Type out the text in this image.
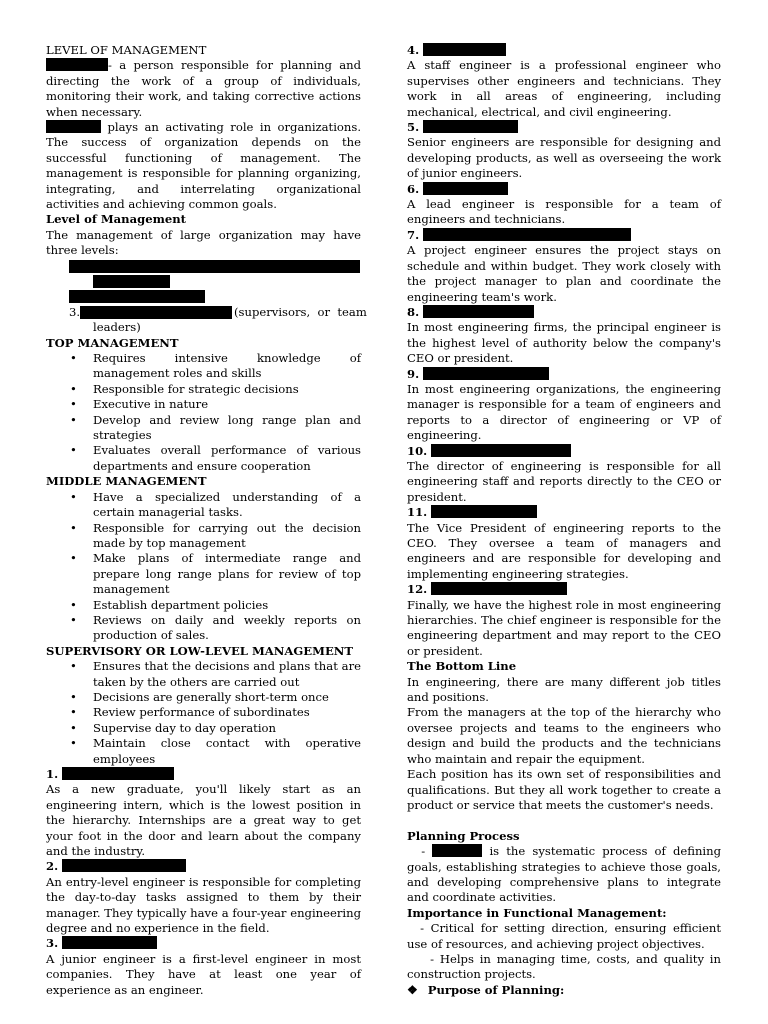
LEVEL OF MANAGEMENT

- a person responsible for planning and directing the work of a group of individuals, monitoring their work, and taking corrective actions when necessary.

plays an activating role in organizations. The success of organization depends on the successful functioning of management. The management is responsible for planning organizing, integrating, and interrelating organizational activities and achieving common goals.

Level of Management

The management of large organization may have three levels:

3.	(supervisors,  or  team
leaders)

TOP MANAGEMENT

• Requires intensive knowledge of management roles and skills
• Responsible for strategic decisions
• Executive in nature
• Develop and review long range plan and strategies
• Evaluates overall performance of various departments and ensure cooperation

MIDDLE MANAGEMENT

• Have a specialized understanding of a certain managerial tasks.
• Responsible for carrying out the decision made by top management
• Make plans of intermediate range and prepare long range plans for review of top management
• Establish department policies
• Reviews on daily and weekly reports on production of sales.

SUPERVISORY OR LOW-LEVEL MANAGEMENT

• Ensures that the decisions and plans that are taken by the others are carried out
• Decisions are generally short-term once
• Review performance of subordinates
• Supervise day to day operation
• Maintain close contact with operative employees

1.

As a new graduate, you'll likely start as an engineering intern, which is the lowest position in the hierarchy. Internships are a great way to get your foot in the door and learn about the company and the industry.

2.

An entry-level engineer is responsible for completing the day-to-day tasks assigned to them by their manager. They typically have a four-year engineering degree and no experience in the field.

3.

A junior engineer is a first-level engineer in most companies. They have at least one year of experience as an engineer.

4.

A staff engineer is a professional engineer who supervises other engineers and technicians. They work in all areas of engineering, including mechanical, electrical, and civil engineering.

5.

Senior engineers are responsible for designing and developing products, as well as overseeing the work of junior engineers.

6.

A lead engineer is responsible for a team of engineers and technicians.

7.

A project engineer ensures the project stays on schedule and within budget. They work closely with the project manager to plan and coordinate the engineering team's work.

8.

In most engineering firms, the principal engineer is the highest level of authority below the company's CEO or president.

9.

In most engineering organizations, the engineering manager is responsible for a team of engineers and reports to a director of engineering or VP of engineering.

10.

The director of engineering is responsible for all engineering staff and reports directly to the CEO or president.

11.

The Vice President of engineering reports to the CEO. They oversee a team of managers and engineers and are responsible for developing and implementing engineering strategies.

12.

Finally, we have the highest role in most engineering hierarchies. The chief engineer is responsible for the engineering department and may report to the CEO or president.

The Bottom Line

In engineering, there are many different job titles and positions.

From the managers at the top of the hierarchy who oversee projects and teams to the engineers who design and build the products and the technicians who maintain and repair the equipment.

Each position has its own set of responsibilities and qualifications. But they all work together to create a product or service that meets the customer's needs.

Planning Process

-	is the systematic process of defining goals, establishing strategies to achieve those goals, and developing comprehensive plans to integrate and coordinate activities.

Importance in Functional Management:

- Critical for setting direction, ensuring efficient use of resources, and achieving project objectives.

- Helps in managing time, costs, and quality in construction projects.

❖ Purpose of Planning:
